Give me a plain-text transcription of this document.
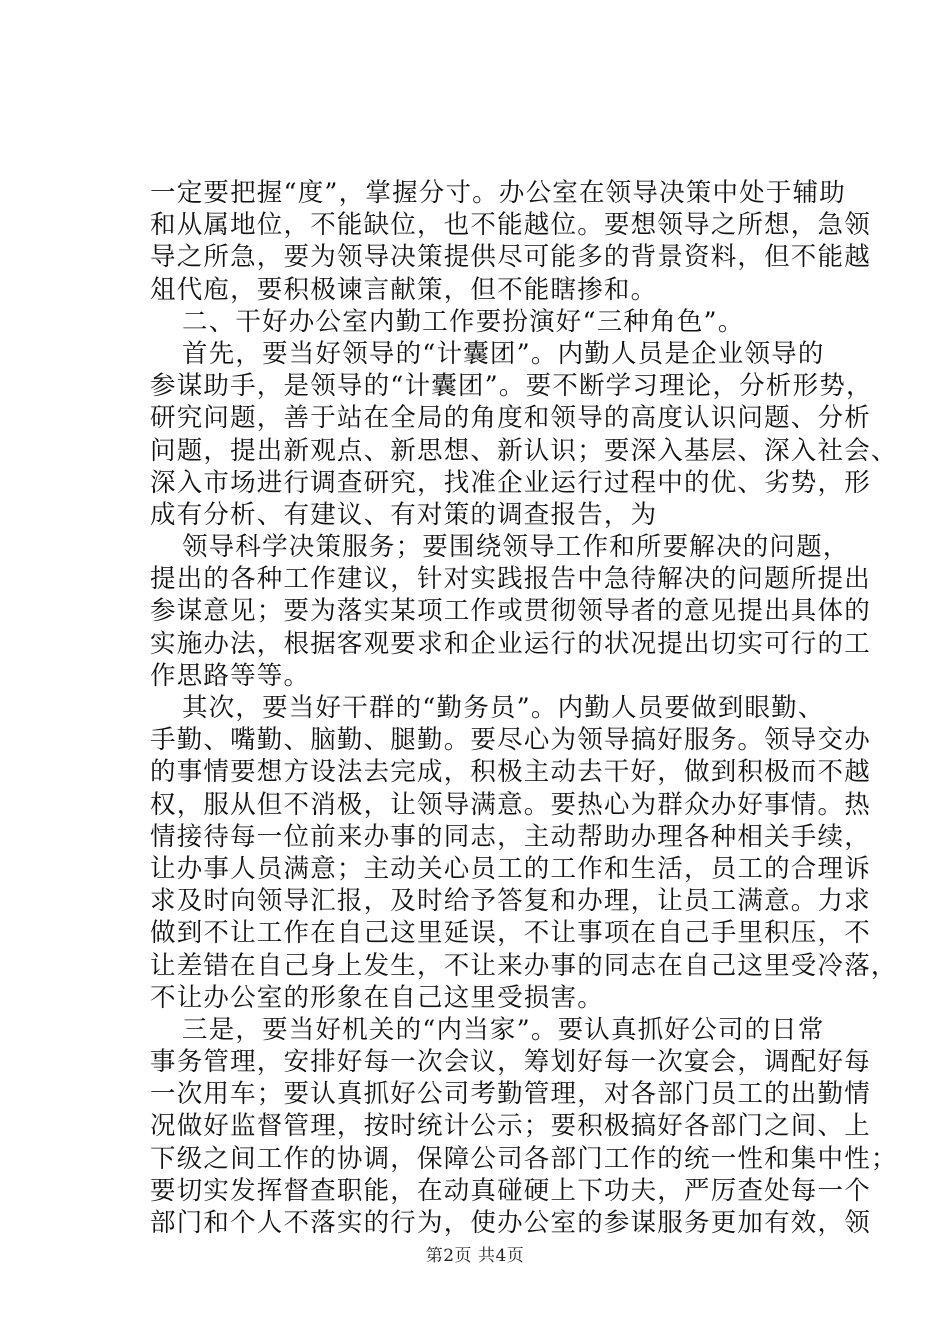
一定要把握“度”，掌握分寸。办公室在领导决策中处于辅助
和从属地位，不能缺位，也不能越位。要想领导之所想，急领
导之所急，要为领导决策提供尽可能多的背景资料，但不能越
俎代庖，要积极谏言献策，但不能瞎掺和。
二、干好办公室内勤工作要扮演好“三种角色”。
首先，要当好领导的“计囊团”。内勤人员是企业领导的
参谋助手，是领导的“计囊团”。要不断学习理论，分析形势，
研究问题，善于站在全局的角度和领导的高度认识问题、分析
问题，提出新观点、新思想、新认识；要深入基层、深入社会、
深入市场进行调查研究，找准企业运行过程中的优、劣势，形
成有分析、有建议、有对策的调查报告，为
领导科学决策服务；要围绕领导工作和所要解决的问题，
提出的各种工作建议，针对实践报告中急待解决的问题所提出
参谋意见；要为落实某项工作或贯彻领导者的意见提出具体的
实施办法，根据客观要求和企业运行的状况提出切实可行的工
作思路等等。
其次，要当好干群的“勤务员”。内勤人员要做到眼勤、
手勤、嘴勤、脑勤、腿勤。要尽心为领导搞好服务。领导交办
的事情要想方设法去完成，积极主动去干好，做到积极而不越
权，服从但不消极，让领导满意。要热心为群众办好事情。热
情接待每一位前来办事的同志，主动帮助办理各种相关手续，
让办事人员满意；主动关心员工的工作和生活，员工的合理诉
求及时向领导汇报，及时给予答复和办理，让员工满意。力求
做到不让工作在自己这里延误，不让事项在自己手里积压，不
让差错在自己身上发生，不让来办事的同志在自己这里受冷落，
不让办公室的形象在自己这里受损害。
三是，要当好机关的“内当家”。要认真抓好公司的日常
事务管理，安排好每一次会议，筹划好每一次宴会，调配好每
一次用车；要认真抓好公司考勤管理，对各部门员工的出勤情
况做好监督管理，按时统计公示；要积极搞好各部门之间、上
下级之间工作的协调，保障公司各部门工作的统一性和集中性；
要切实发挥督查职能，在动真碰硬上下功夫，严厉查处每一个
部门和个人不落实的行为，使办公室的参谋服务更加有效，领
第2页 共4页
